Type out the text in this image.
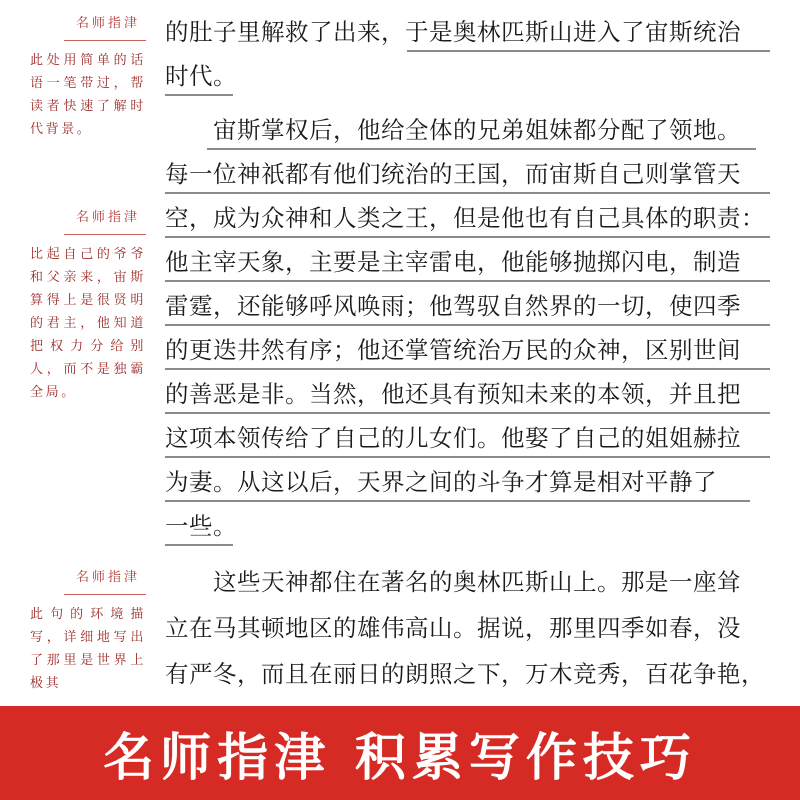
名师指津
此处用简单的话语一笔带过，帮读者快速了解时代背景。
名师指津
比起自己的爷爷和父亲来，宙斯算得上是很贤明的君主，他知道把权力分给别人，而不是独霸全局。
名师指津
此句的环境描写，详细地写出了那里是世界上极其
的肚子里解救了出来，于是奥林匹斯山进入了宙斯统治
时代。
宙斯掌权后，他给全体的兄弟姐妹都分配了领地。
每一位神祇都有他们统治的王国，而宙斯自己则掌管天
空，成为众神和人类之王，但是他也有自己具体的职责：
他主宰天象，主要是主宰雷电，他能够抛掷闪电，制造
雷霆，还能够呼风唤雨；他驾驭自然界的一切，使四季
的更迭井然有序；他还掌管统治万民的众神，区别世间
的善恶是非。当然，他还具有预知未来的本领，并且把
这项本领传给了自己的儿女们。他娶了自己的姐姐赫拉
为妻。从这以后，天界之间的斗争才算是相对平静了
一些。
这些天神都住在著名的奥林匹斯山上。那是一座耸
立在马其顿地区的雄伟高山。据说，那里四季如春，没
有严冬，而且在丽日的朗照之下，万木竞秀，百花争艳，
名师指津 积累写作技巧
